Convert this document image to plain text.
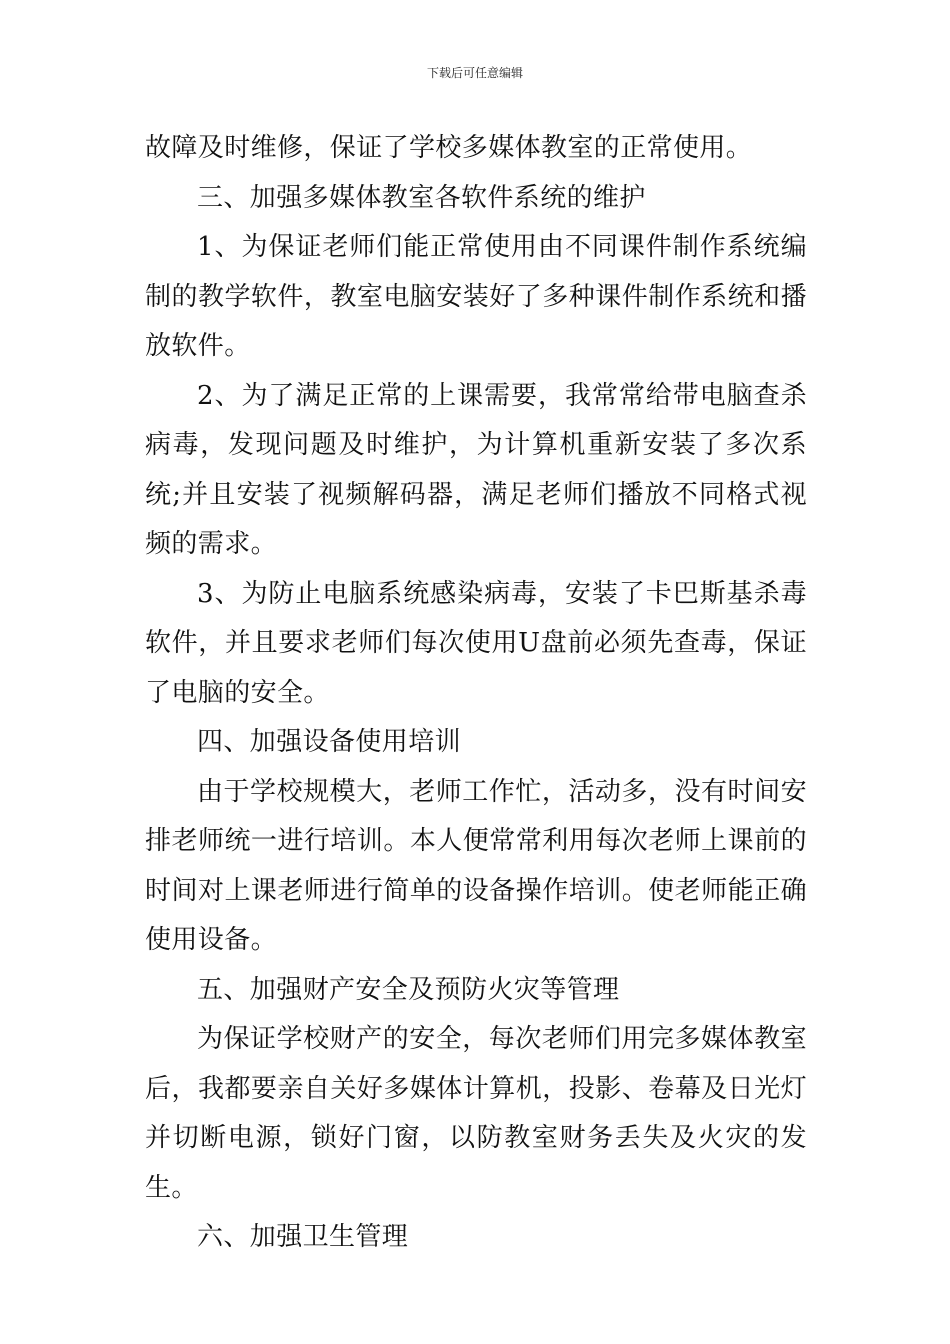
下载后可任意编辑

故障及时维修，保证了学校多媒体教室的正常使用。

三、加强多媒体教室各软件系统的维护

1、为保证老师们能正常使用由不同课件制作系统编制的教学软件，教室电脑安装好了多种课件制作系统和播放软件。

2、为了满足正常的上课需要，我常常给带电脑查杀病毒，发现问题及时维护，为计算机重新安装了多次系统;并且安装了视频解码器，满足老师们播放不同格式视频的需求。

3、为防止电脑系统感染病毒，安装了卡巴斯基杀毒软件，并且要求老师们每次使用U盘前必须先查毒，保证了电脑的安全。

四、加强设备使用培训

由于学校规模大，老师工作忙，活动多，没有时间安排老师统一进行培训。本人便常常利用每次老师上课前的时间对上课老师进行简单的设备操作培训。使老师能正确使用设备。

五、加强财产安全及预防火灾等管理

为保证学校财产的安全，每次老师们用完多媒体教室后，我都要亲自关好多媒体计算机，投影、卷幕及日光灯并切断电源，锁好门窗，以防教室财务丢失及火灾的发生。

六、加强卫生管理
